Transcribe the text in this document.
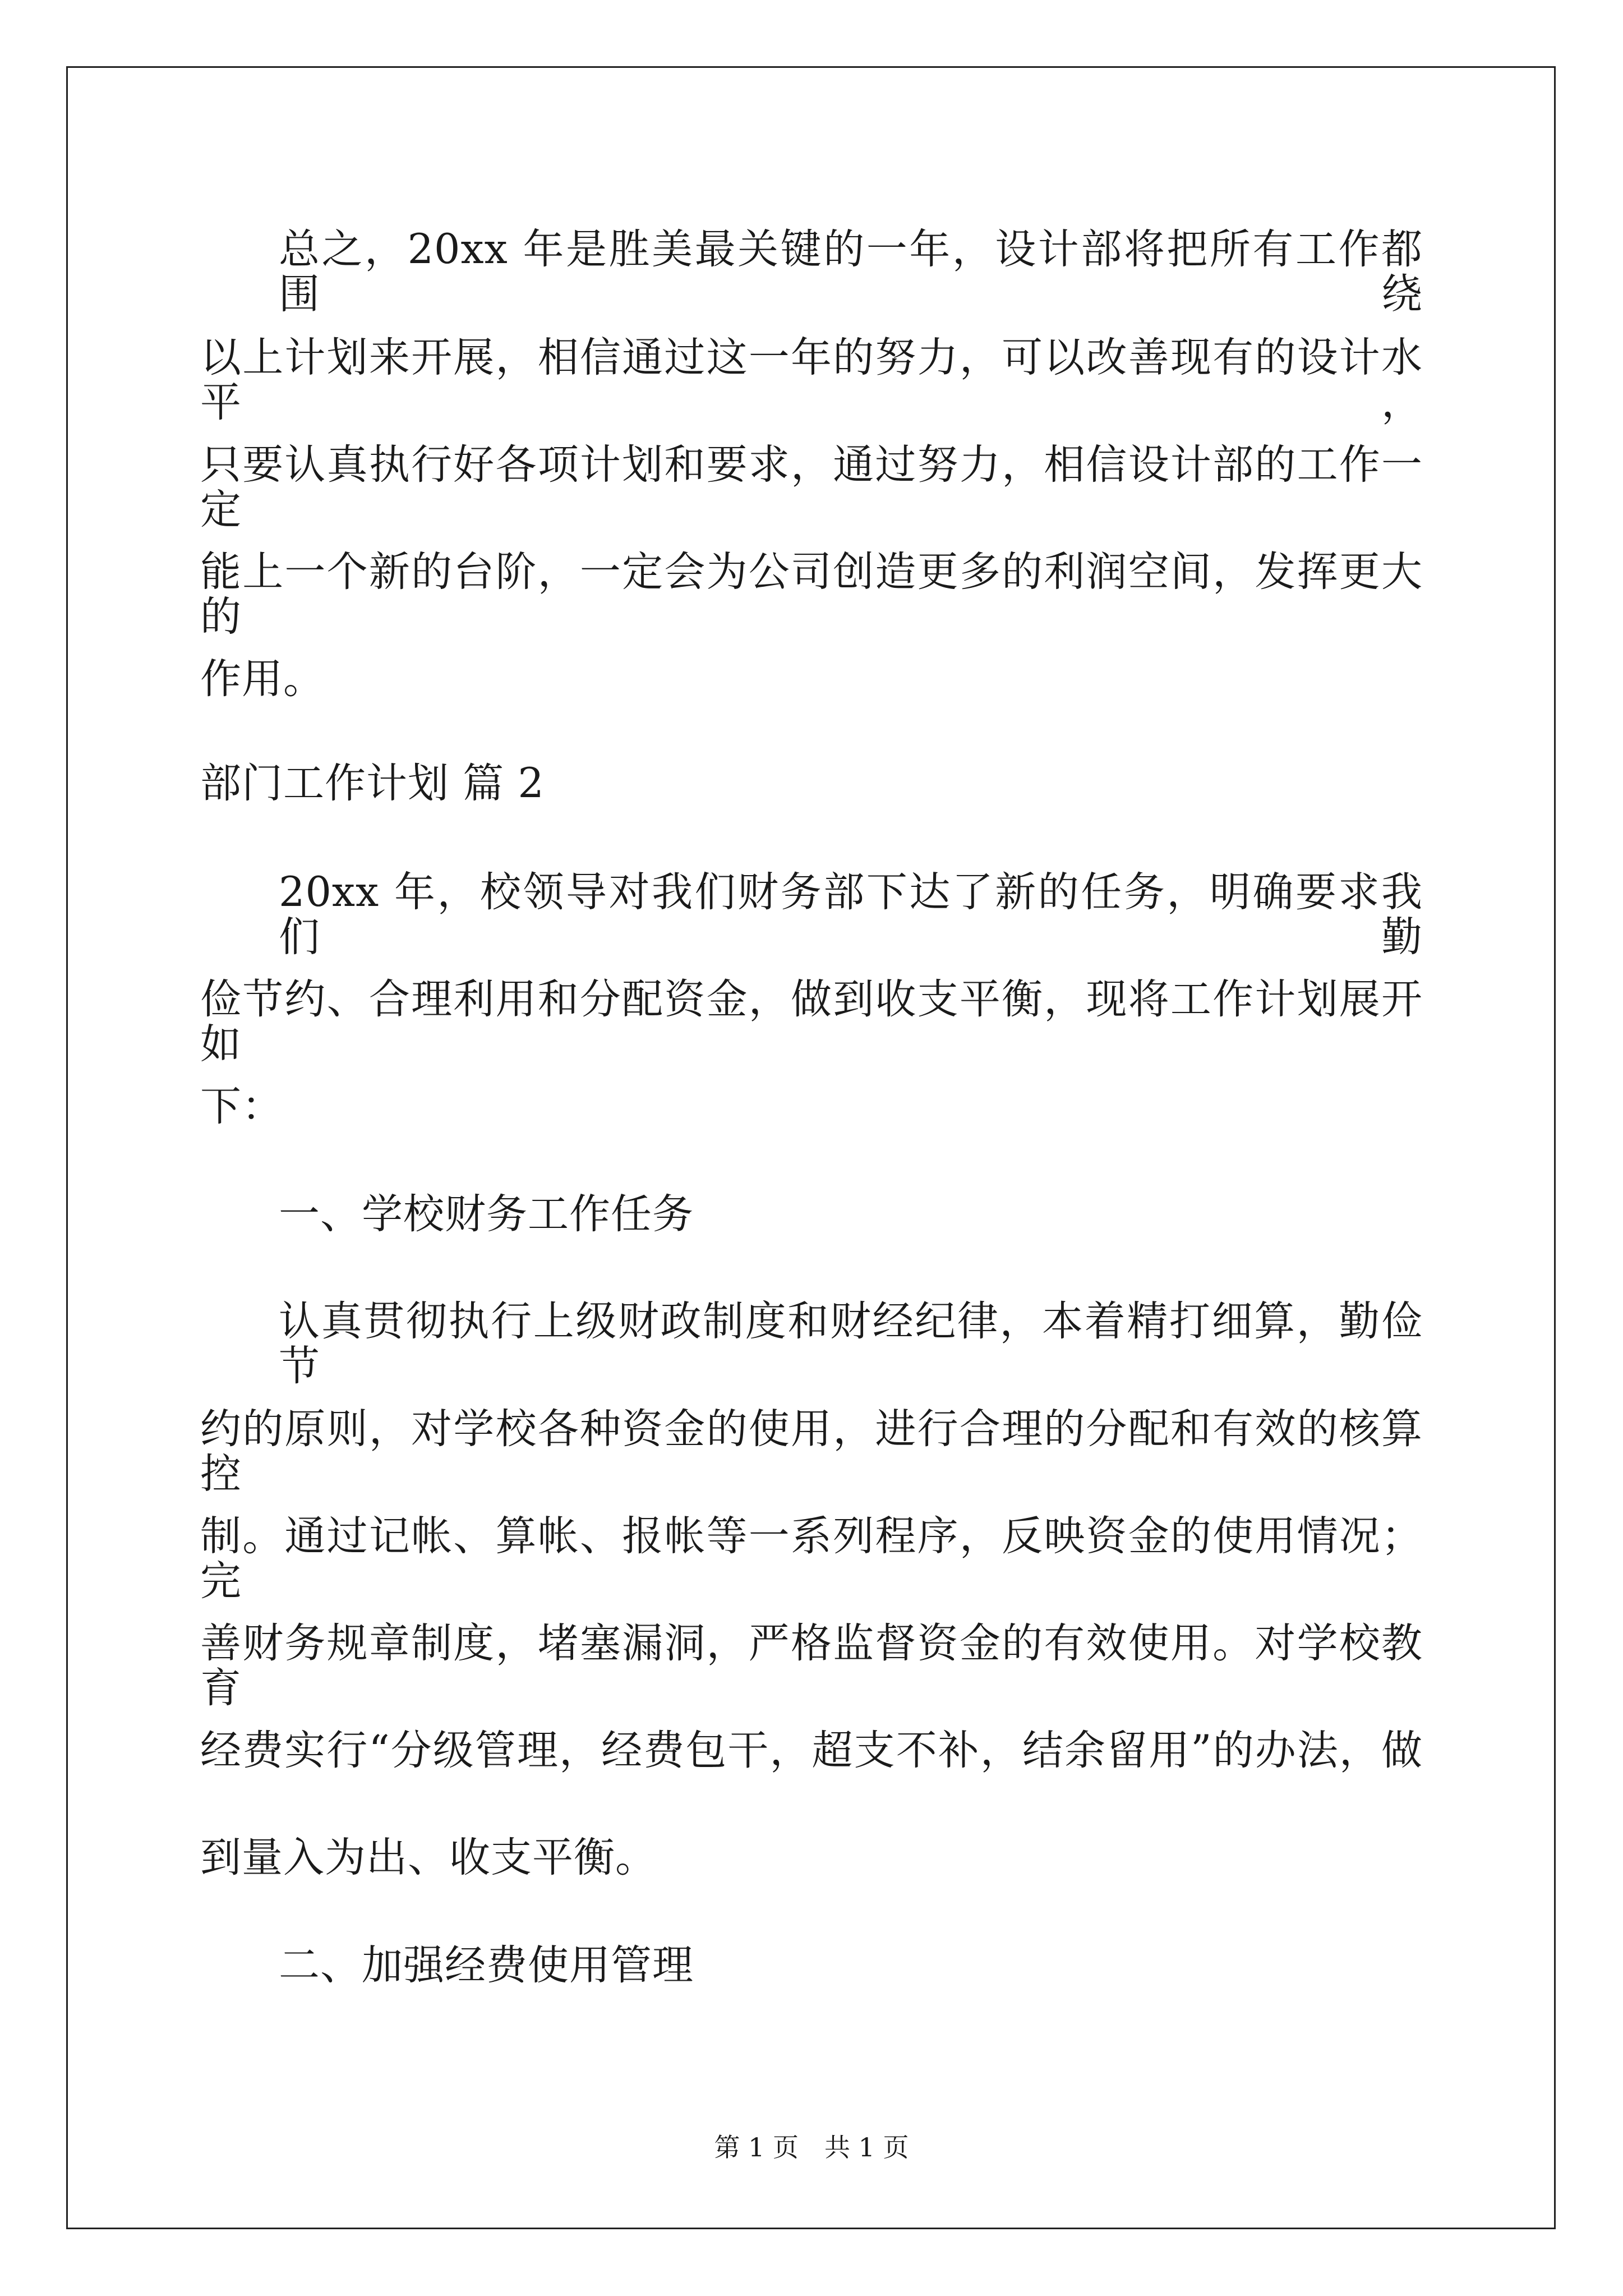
总之，20xx 年是胜美最关键的一年，设计部将把所有工作都围绕
以上计划来开展，相信通过这一年的努力，可以改善现有的设计水平，
只要认真执行好各项计划和要求，通过努力，相信设计部的工作一定
能上一个新的台阶，一定会为公司创造更多的利润空间，发挥更大的
作用。
部门工作计划 篇 2
20xx 年，校领导对我们财务部下达了新的任务，明确要求我们勤
俭节约、合理利用和分配资金，做到收支平衡，现将工作计划展开如
下：
一、学校财务工作任务
认真贯彻执行上级财政制度和财经纪律，本着精打细算，勤俭节
约的原则，对学校各种资金的使用，进行合理的分配和有效的核算控
制。通过记帐、算帐、报帐等一系列程序，反映资金的使用情况；完
善财务规章制度，堵塞漏洞，严格监督资金的有效使用。对学校教育
经费实行“分级管理，经费包干，超支不补，结余留用”的办法，做
到量入为出、收支平衡。
二、加强经费使用管理
第 1 页　共 1 页
